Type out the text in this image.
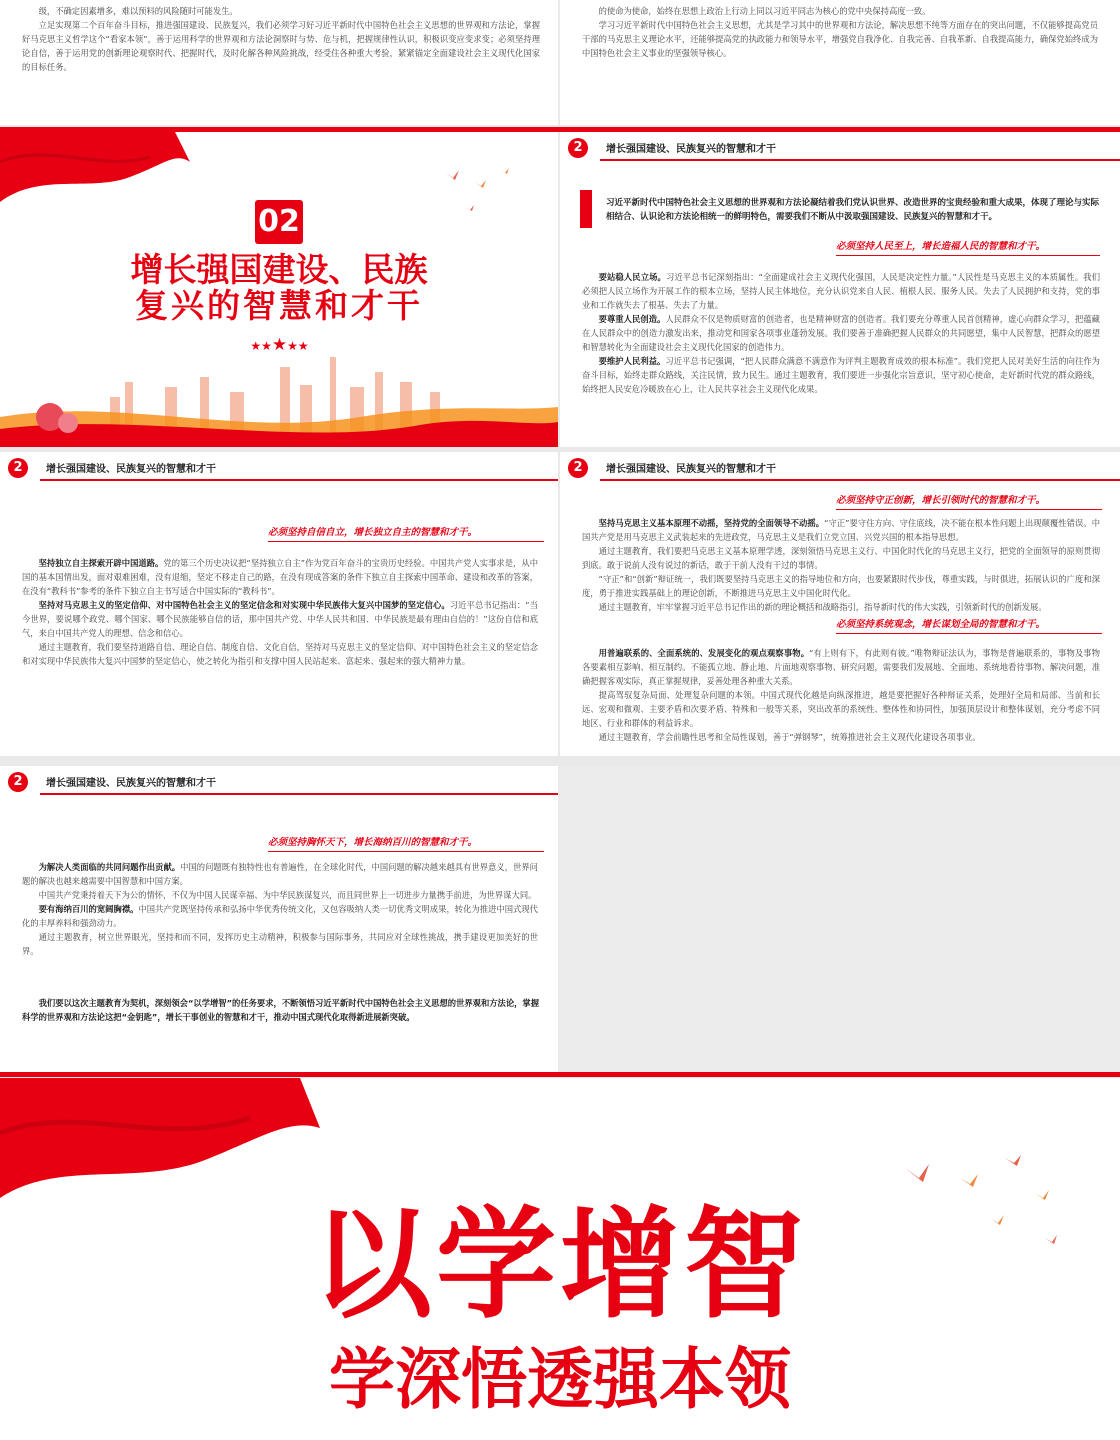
级，不确定因素增多，难以预料的风险随时可能发生。

立足实现第二个百年奋斗目标，推进强国建设、民族复兴，我们必须学习好习近平新时代中国特色社会主义思想的世界观和方法论，掌握好马克思主义哲学这个“看家本领”，善于运用科学的世界观和方法论洞察时与势、危与机，把握规律性认识，积极识变应变求变；必须坚持理论自信，善于运用党的创新理论观察时代、把握时代，及时化解各种风险挑战，经受住各种重大考验，紧紧锚定全面建设社会主义现代化国家的目标任务。

的使命为使命，始终在思想上政治上行动上同以习近平同志为核心的党中央保持高度一致。

学习习近平新时代中国特色社会主义思想，尤其是学习其中的世界观和方法论，解决思想不纯等方面存在的突出问题，不仅能够提高党员干部的马克思主义理论水平，还能够提高党的执政能力和领导水平，增强党自我净化、自我完善、自我革新、自我提高能力，确保党始终成为中国特色社会主义事业的坚强领导核心。

02
增长强国建设、民族
复兴的智慧和才干
★★★★★
2	增长强国建设、民族复兴的智慧和才干
习近平新时代中国特色社会主义思想的世界观和方法论凝结着我们党认识世界、改造世界的宝贵经验和重大成果，体现了理论与实际相结合、认识论和方法论相统一的鲜明特色，需要我们不断从中汲取强国建设、民族复兴的智慧和才干。
必须坚持人民至上，增长造福人民的智慧和才干。

要站稳人民立场。习近平总书记深刻指出：“全面建成社会主义现代化强国，人民是决定性力量。”人民性是马克思主义的本质属性。我们必须把人民立场作为开展工作的根本立场，坚持人民主体地位，充分认识党来自人民、植根人民、服务人民。失去了人民拥护和支持，党的事业和工作就失去了根基、失去了力量。

要尊重人民创造。人民群众不仅是物质财富的创造者，也是精神财富的创造者。我们要充分尊重人民首创精神，虚心向群众学习，把蕴藏在人民群众中的创造力激发出来，推动党和国家各项事业蓬勃发展。我们要善于准确把握人民群众的共同愿望，集中人民智慧，把群众的愿望和智慧转化为全面建设社会主义现代化国家的创造伟力。

要维护人民利益。习近平总书记强调，“把人民群众满意不满意作为评判主题教育成效的根本标准”。我们党把人民对美好生活的向往作为奋斗目标，始终走群众路线，关注民情，致力民生。通过主题教育，我们要进一步强化宗旨意识，坚守初心使命，走好新时代党的群众路线，始终把人民安危冷暖放在心上，让人民共享社会主义现代化成果。

2	增长强国建设、民族复兴的智慧和才干
必须坚持自信自立，增长独立自主的智慧和才干。

坚持独立自主探索开辟中国道路。党的第三个历史决议把“坚持独立自主”作为党百年奋斗的宝贵历史经验。中国共产党人实事求是，从中国的基本国情出发，面对艰难困难，没有退缩，坚定不移走自己的路，在没有现成答案的条件下独立自主探索中国革命、建设和改革的答案，在没有“教科书”参考的条件下独立自主书写适合中国实际的“教科书”。

坚持对马克思主义的坚定信仰、对中国特色社会主义的坚定信念和对实现中华民族伟大复兴中国梦的坚定信心。习近平总书记指出：“当今世界，要说哪个政党、哪个国家、哪个民族能够自信的话，那中国共产党、中华人民共和国、中华民族是最有理由自信的！”这份自信和底气，来自中国共产党人的理想、信念和信心。

通过主题教育，我们要坚持道路自信、理论自信、制度自信、文化自信，坚持对马克思主义的坚定信仰、对中国特色社会主义的坚定信念和对实现中华民族伟大复兴中国梦的坚定信心，使之转化为指引和支撑中国人民站起来、富起来、强起来的强大精神力量。

2	增长强国建设、民族复兴的智慧和才干
必须坚持守正创新，增长引领时代的智慧和才干。

坚持马克思主义基本原理不动摇，坚持党的全面领导不动摇。“守正”要守住方向、守住底线，决不能在根本性问题上出现颠覆性错误。中国共产党是用马克思主义武装起来的先进政党，马克思主义是我们立党立国、兴党兴国的根本指导思想。

通过主题教育，我们要把马克思主义基本原理学透，深刻领悟马克思主义行、中国化时代化的马克思主义行，把党的全面领导的原则贯彻到底。敢于说前人没有说过的新话，敢于干前人没有干过的事情。

“守正”和“创新”辩证统一，我们既要坚持马克思主义的指导地位和方向，也要紧跟时代步伐，尊重实践，与时俱进，拓展认识的广度和深度，勇于推进实践基础上的理论创新，不断推进马克思主义中国化时代化。

通过主题教育，牢牢掌握习近平总书记作出的新的理论概括和战略指引，指导新时代的伟大实践，引领新时代的创新发展。

必须坚持系统观念，增长谋划全局的智慧和才干。

用普遍联系的、全面系统的、发展变化的观点观察事物。“有上则有下，有此则有彼。”唯物辩证法认为，事物是普遍联系的，事物及事物各要素相互影响、相互制约。不能孤立地、静止地、片面地观察事物、研究问题，需要我们发展地、全面地、系统地看待事物、解决问题，准确把握客观实际，真正掌握规律，妥善处理各种重大关系。

提高驾驭复杂局面、处理复杂问题的本领。中国式现代化越是向纵深推进，越是要把握好各种辩证关系，处理好全局和局部、当前和长远、宏观和微观、主要矛盾和次要矛盾、特殊和一般等关系，突出改革的系统性、整体性和协同性，加强顶层设计和整体谋划，充分考虑不同地区、行业和群体的利益诉求。

通过主题教育，学会前瞻性思考和全局性谋划，善于“弹钢琴”，统筹推进社会主义现代化建设各项事业。

2	增长强国建设、民族复兴的智慧和才干
必须坚持胸怀天下，增长海纳百川的智慧和才干。

为解决人类面临的共同问题作出贡献。中国的问题既有独特性也有普遍性，在全球化时代，中国问题的解决越来越具有世界意义，世界问题的解决也越来越需要中国智慧和中国方案。

中国共产党秉持着天下为公的情怀，不仅为中国人民谋幸福、为中华民族谋复兴，而且同世界上一切进步力量携手前进，为世界谋大同。

要有海纳百川的宽阔胸襟。中国共产党既坚持传承和弘扬中华优秀传统文化，又包容吸纳人类一切优秀文明成果，转化为推进中国式现代化的丰厚养料和强劲动力。

通过主题教育，树立世界眼光，坚持和而不同，发挥历史主动精神，积极参与国际事务，共同应对全球性挑战，携手建设更加美好的世界。

我们要以这次主题教育为契机，深刻领会“以学增智”的任务要求，不断领悟习近平新时代中国特色社会主义思想的世界观和方法论，掌握科学的世界观和方法论这把“金钥匙”，增长干事创业的智慧和才干，推动中国式现代化取得新进展新突破。
以学增智
学深悟透强本领
